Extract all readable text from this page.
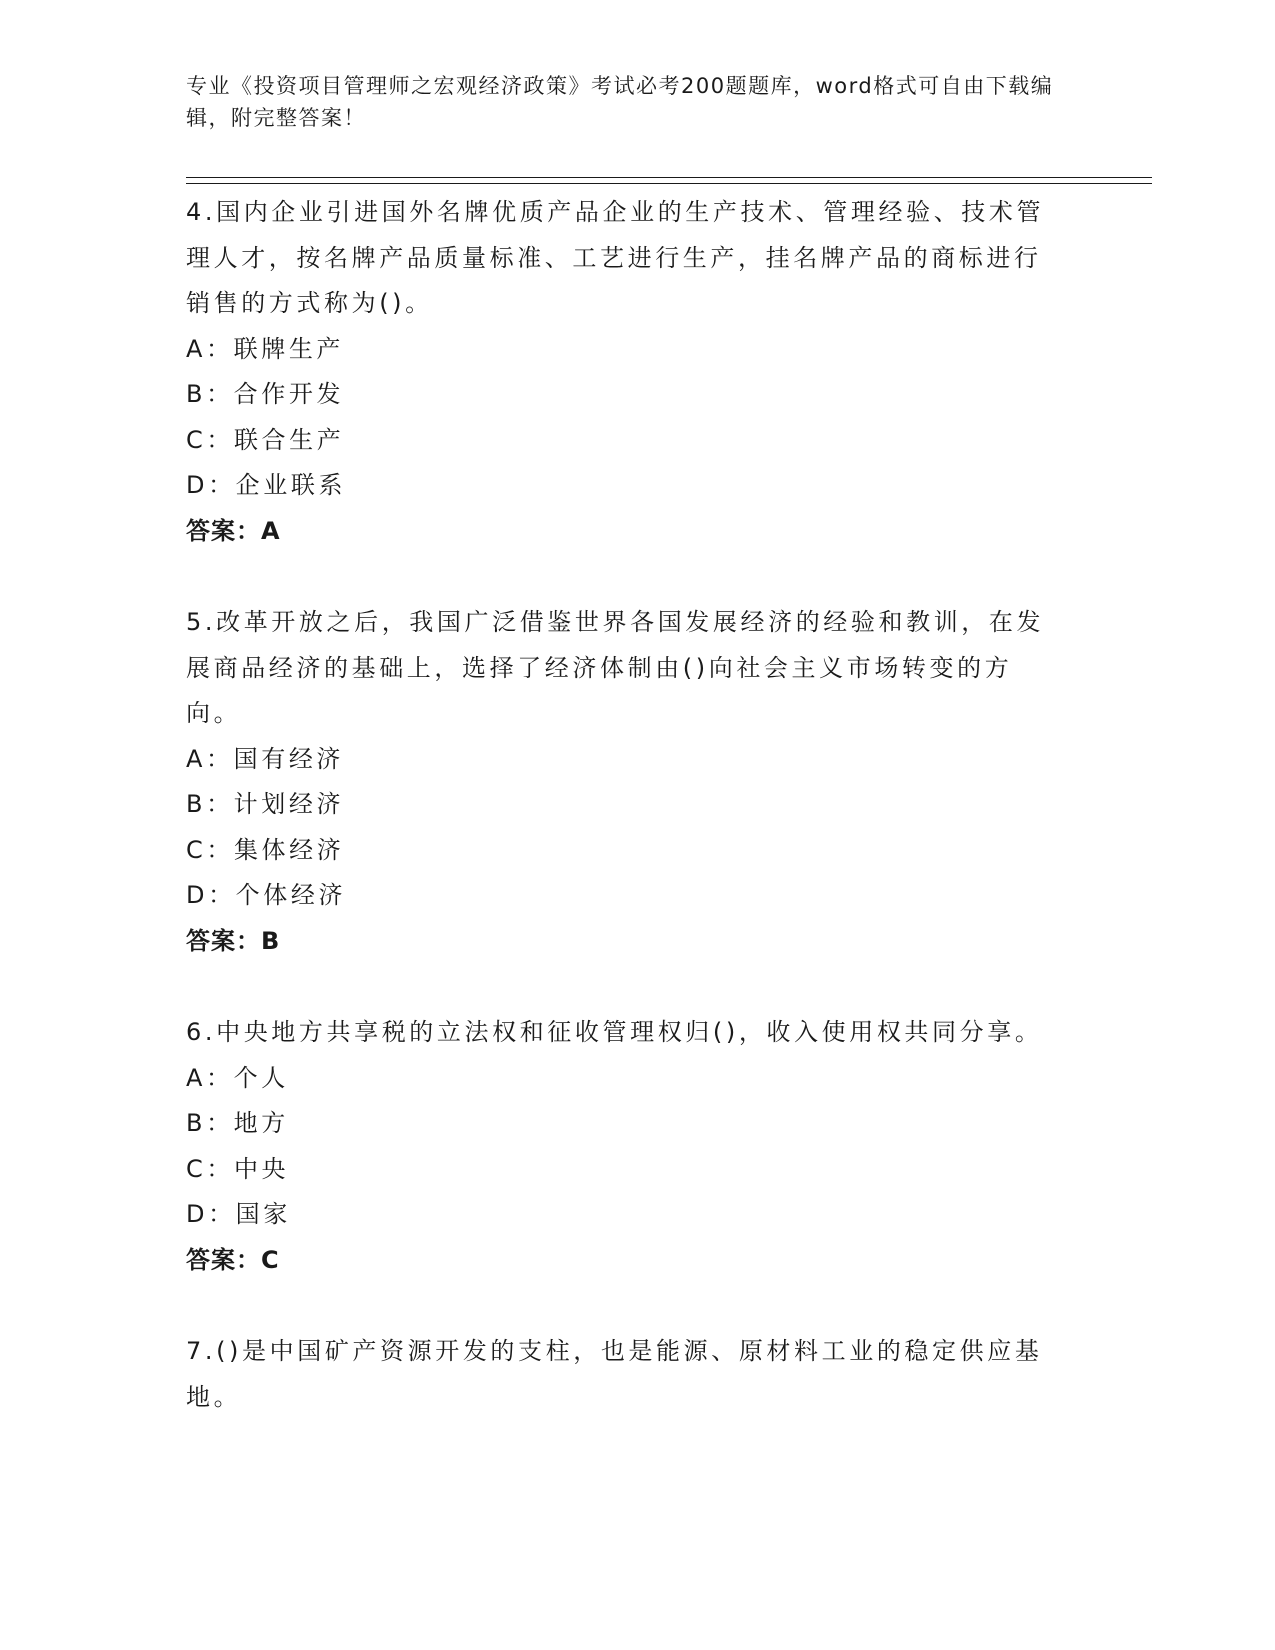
专业《投资项目管理师之宏观经济政策》考试必考200题题库，word格式可自由下载编辑，附完整答案！
4.国内企业引进国外名牌优质产品企业的生产技术、管理经验、技术管理人才，按名牌产品质量标准、工艺进行生产，挂名牌产品的商标进行销售的方式称为()。
A：联牌生产
B：合作开发
C：联合生产
D：企业联系
答案：A
5.改革开放之后，我国广泛借鉴世界各国发展经济的经验和教训，在发展商品经济的基础上，选择了经济体制由()向社会主义市场转变的方向。
A：国有经济
B：计划经济
C：集体经济
D：个体经济
答案：B
6.中央地方共享税的立法权和征收管理权归()，收入使用权共同分享。
A：个人
B：地方
C：中央
D：国家
答案：C
7.()是中国矿产资源开发的支柱，也是能源、原材料工业的稳定供应基地。
